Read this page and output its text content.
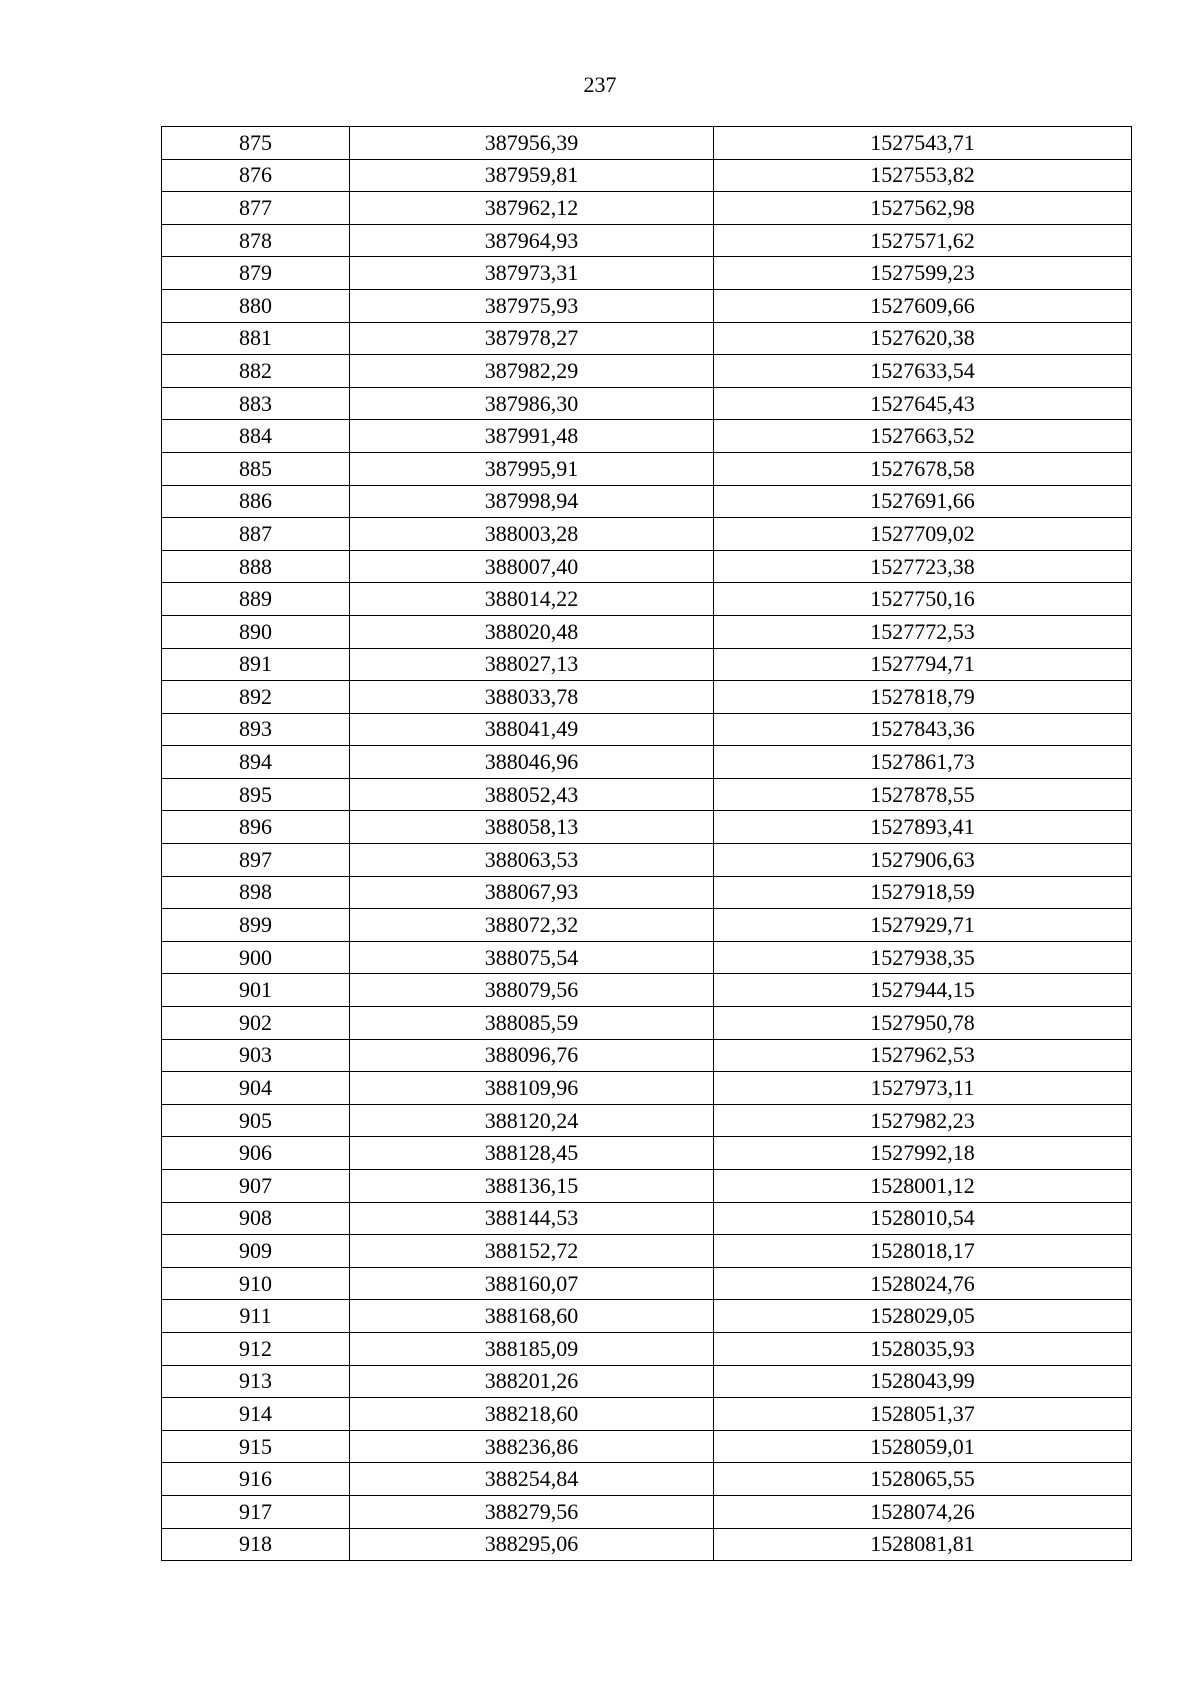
237
875	387956,39	1527543,71
876	387959,81	1527553,82
877	387962,12	1527562,98
878	387964,93	1527571,62
879	387973,31	1527599,23
880	387975,93	1527609,66
881	387978,27	1527620,38
882	387982,29	1527633,54
883	387986,30	1527645,43
884	387991,48	1527663,52
885	387995,91	1527678,58
886	387998,94	1527691,66
887	388003,28	1527709,02
888	388007,40	1527723,38
889	388014,22	1527750,16
890	388020,48	1527772,53
891	388027,13	1527794,71
892	388033,78	1527818,79
893	388041,49	1527843,36
894	388046,96	1527861,73
895	388052,43	1527878,55
896	388058,13	1527893,41
897	388063,53	1527906,63
898	388067,93	1527918,59
899	388072,32	1527929,71
900	388075,54	1527938,35
901	388079,56	1527944,15
902	388085,59	1527950,78
903	388096,76	1527962,53
904	388109,96	1527973,11
905	388120,24	1527982,23
906	388128,45	1527992,18
907	388136,15	1528001,12
908	388144,53	1528010,54
909	388152,72	1528018,17
910	388160,07	1528024,76
911	388168,60	1528029,05
912	388185,09	1528035,93
913	388201,26	1528043,99
914	388218,60	1528051,37
915	388236,86	1528059,01
916	388254,84	1528065,55
917	388279,56	1528074,26
918	388295,06	1528081,81
